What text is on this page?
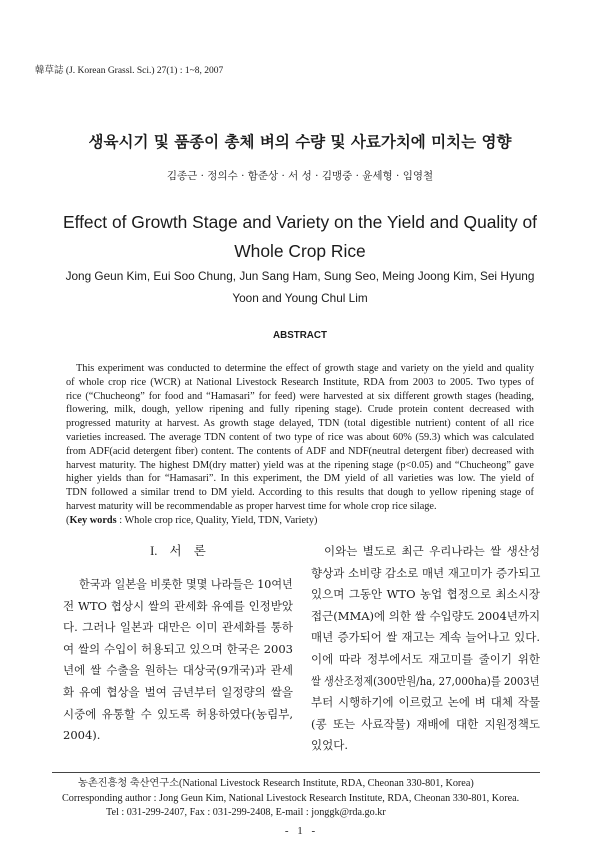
韓草誌 (J. Korean Grassl. Sci.) 27(1) : 1~8, 2007
생육시기 및 품종이 총체 벼의 수량 및 사료가치에 미치는 영향
김종근 · 정의수 · 함준상 · 서 성 · 김맹중 · 윤세형 · 임영철
Effect of Growth Stage and Variety on the Yield and Quality of
Whole Crop Rice
Jong Geun Kim, Eui Soo Chung, Jun Sang Ham, Sung Seo, Meing Joong Kim, Sei Hyung
Yoon and Young Chul Lim
ABSTRACT
This experiment was conducted to determine the effect of growth stage and variety on the yield and quality
of whole crop rice (WCR) at National Livestock Research Institute, RDA from 2003 to 2005. Two types of
rice (“Chucheong” for food and “Hamasari” for feed) were harvested at six different growth stages (heading,
flowering, milk, dough, yellow ripening and fully ripening stage). Crude protein content decreased with
progressed maturity at harvest. As growth stage delayed, TDN (total digestible nutrient) content of all rice
varieties increased. The average TDN content of two type of rice was about 60% (59.3) which was calculated
from ADF(acid detergent fiber) content. The contents of ADF and NDF(neutral detergent fiber) decreased with
harvest maturity. The highest DM(dry matter) yield was at the ripening stage (p<0.05) and “Chucheong” gave
higher yields than for “Hamasari”. In this experiment, the DM yield of all varieties was low. The yield of
TDN followed a similar trend to DM yield. According to this results that dough to yellow ripening stage of
harvest maturity will be recommendable as proper harvest time for whole crop rice silage.
(Key words : Whole crop rice, Quality, Yield, TDN, Variety)
I. 서 론
한국과 일본을 비롯한 몇몇 나라들은 10여년
전 WTO 협상시 쌀의 관세화 유예를 인정받았
다. 그러나 일본과 대만은 이미 관세화를 통하
여 쌀의 수입이 허용되고 있으며 한국은 2003
년에 쌀 수출을 원하는 대상국(9개국)과 관세
화 유예 협상을 벌여 금년부터 일정량의 쌀을
시중에 유통할 수 있도록 허용하였다(농림부,
2004).
이와는 별도로 최근 우리나라는 쌀 생산성
향상과 소비량 감소로 매년 재고미가 증가되고
있으며 그동안 WTO 농업 협정으로 최소시장
접근(MMA)에 의한 쌀 수입량도 2004년까지
매년 증가되어 쌀 재고는 계속 늘어나고 있다.
이에 따라 정부에서도 재고미를 줄이기 위한
쌀 생산조정제(300만원/ha, 27,000ha)를 2003년
부터 시행하기에 이르렀고 논에 벼 대체 작물
(콩 또는 사료작물) 재배에 대한 지원정책도
있었다.
농촌진흥청 축산연구소(National Livestock Research Institute, RDA, Cheonan 330-801, Korea)
Corresponding author : Jong Geun Kim, National Livestock Research Institute, RDA, Cheonan 330-801, Korea.
Tel : 031-299-2407, Fax : 031-299-2408, E-mail : jonggk@rda.go.kr
- 1 -
